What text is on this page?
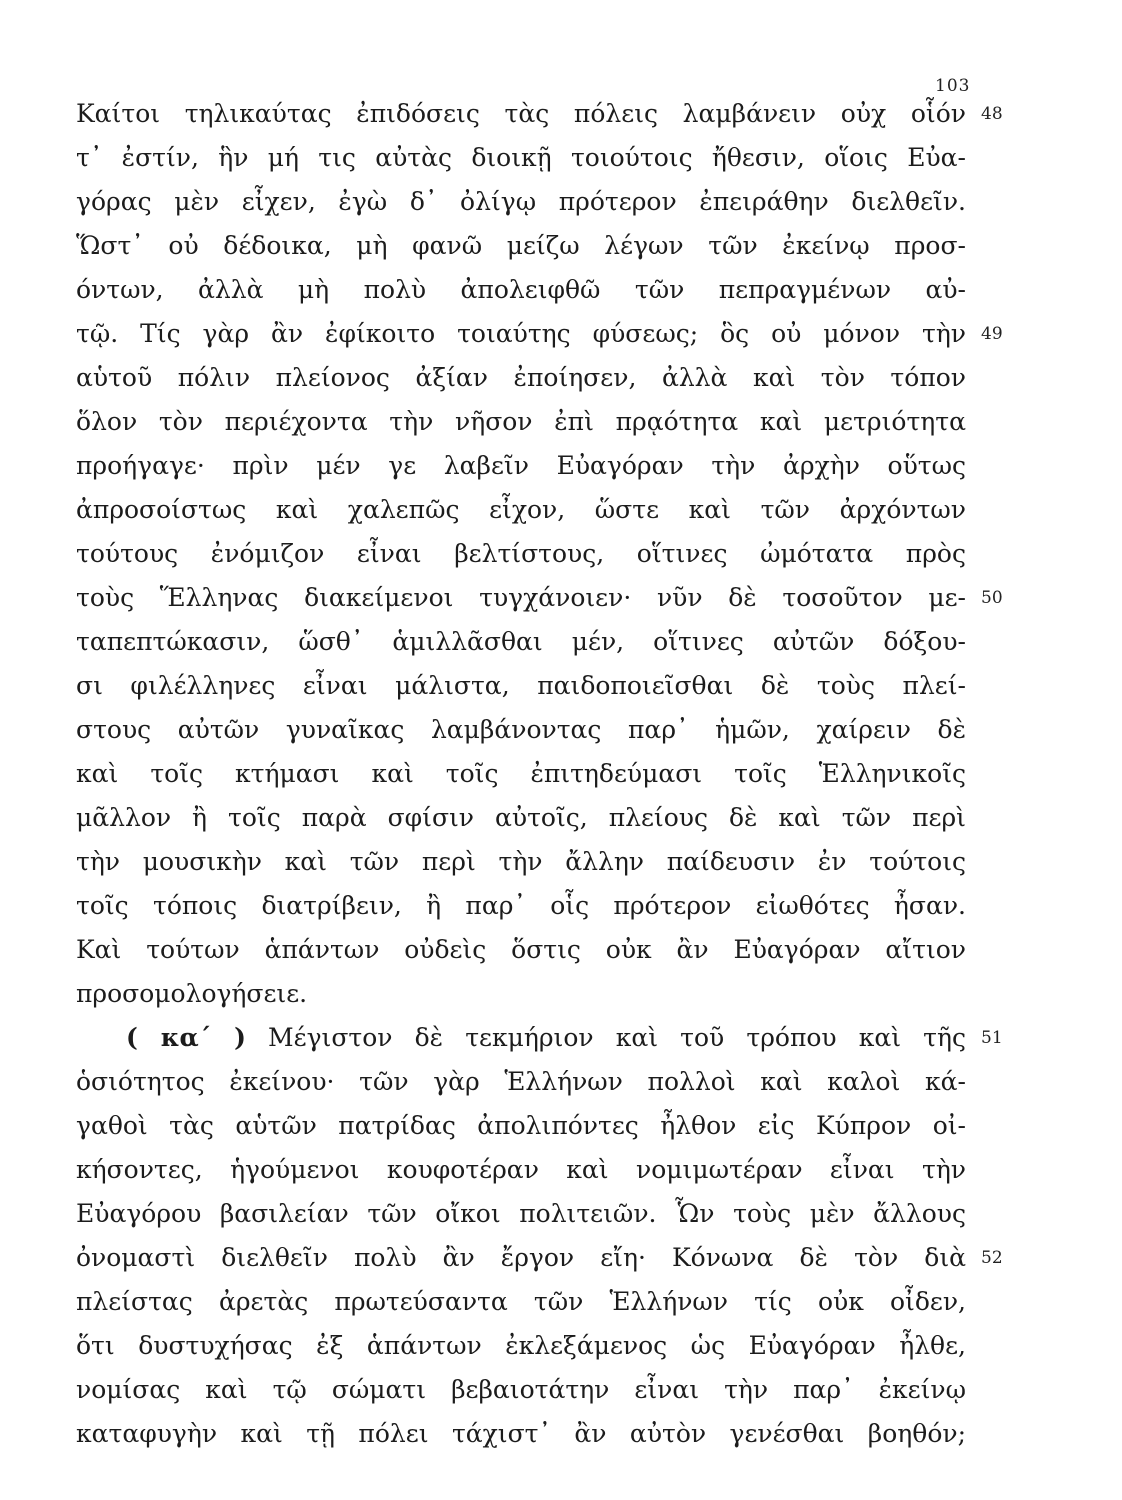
103
Καίτοι τηλικαύτας ἐπιδόσεις τὰς πόλεις λαμβάνειν οὐχ οἷόν 48
τ᾽ ἐστίν, ἣν μή τις αὐτὰς διοικῇ τοιούτοις ἤθεσιν, οἵοις Εὐα-
γόρας μὲν εἶχεν, ἐγὼ δ᾽ ὀλίγῳ πρότερον ἐπειράθην διελθεῖν.
Ὥστ᾽ οὐ δέδοικα, μὴ φανῶ μείζω λέγων τῶν ἐκείνῳ προσ-
όντων, ἀλλὰ μὴ πολὺ ἀπολειφθῶ τῶν πεπραγμένων αὐ-
τῷ. Τίς γὰρ ἂν ἐφίκοιτο τοιαύτης φύσεως; ὃς οὐ μόνον τὴν 49
αὑτοῦ πόλιν πλείονος ἀξίαν ἐποίησεν, ἀλλὰ καὶ τὸν τόπον
ὅλον τὸν περιέχοντα τὴν νῆσον ἐπὶ πρᾳότητα καὶ μετριότητα
προήγαγε· πρὶν μέν γε λαβεῖν Εὐαγόραν τὴν ἀρχὴν οὕτως
ἀπροσοίστως καὶ χαλεπῶς εἶχον, ὥστε καὶ τῶν ἀρχόντων
τούτους ἐνόμιζον εἶναι βελτίστους, οἵτινες ὠμότατα πρὸς
τοὺς Ἕλληνας διακείμενοι τυγχάνοιεν· νῦν δὲ τοσοῦτον με- 50
ταπεπτώκασιν, ὥσθ᾽ ἁμιλλᾶσθαι μέν, οἵτινες αὐτῶν δόξου-
σι φιλέλληνες εἶναι μάλιστα, παιδοποιεῖσθαι δὲ τοὺς πλεί-
στους αὐτῶν γυναῖκας λαμβάνοντας παρ᾽ ἡμῶν, χαίρειν δὲ
καὶ τοῖς κτήμασι καὶ τοῖς ἐπιτηδεύμασι τοῖς Ἑλληνικοῖς
μᾶλλον ἢ τοῖς παρὰ σφίσιν αὐτοῖς, πλείους δὲ καὶ τῶν περὶ
τὴν μουσικὴν καὶ τῶν περὶ τὴν ἄλλην παίδευσιν ἐν τούτοις
τοῖς τόποις διατρίβειν, ἢ παρ᾽ οἷς πρότερον εἰωθότες ἦσαν.
Καὶ τούτων ἁπάντων οὐδεὶς ὅστις οὐκ ἂν Εὐαγόραν αἴτιον
προσομολογήσειε.
( κα΄ ) Μέγιστον δὲ τεκμήριον καὶ τοῦ τρόπου καὶ τῆς 51
ὁσιότητος ἐκείνου· τῶν γὰρ Ἑλλήνων πολλοὶ καὶ καλοὶ κά-
γαθοὶ τὰς αὑτῶν πατρίδας ἀπολιπόντες ἦλθον εἰς Κύπρον οἰ-
κήσοντες, ἡγούμενοι κουφοτέραν καὶ νομιμωτέραν εἶναι τὴν
Εὐαγόρου βασιλείαν τῶν οἴκοι πολιτειῶν. Ὧν τοὺς μὲν ἄλλους
ὀνομαστὶ διελθεῖν πολὺ ἂν ἔργον εἴη· Κόνωνα δὲ τὸν διὰ 52
πλείστας ἀρετὰς πρωτεύσαντα τῶν Ἑλλήνων τίς οὐκ οἶδεν,
ὅτι δυστυχήσας ἐξ ἁπάντων ἐκλεξάμενος ὡς Εὐαγόραν ἦλθε,
νομίσας καὶ τῷ σώματι βεβαιοτάτην εἶναι τὴν παρ᾽ ἐκείνῳ
καταφυγὴν καὶ τῇ πόλει τάχιστ᾽ ἂν αὐτὸν γενέσθαι βοηθόν;
